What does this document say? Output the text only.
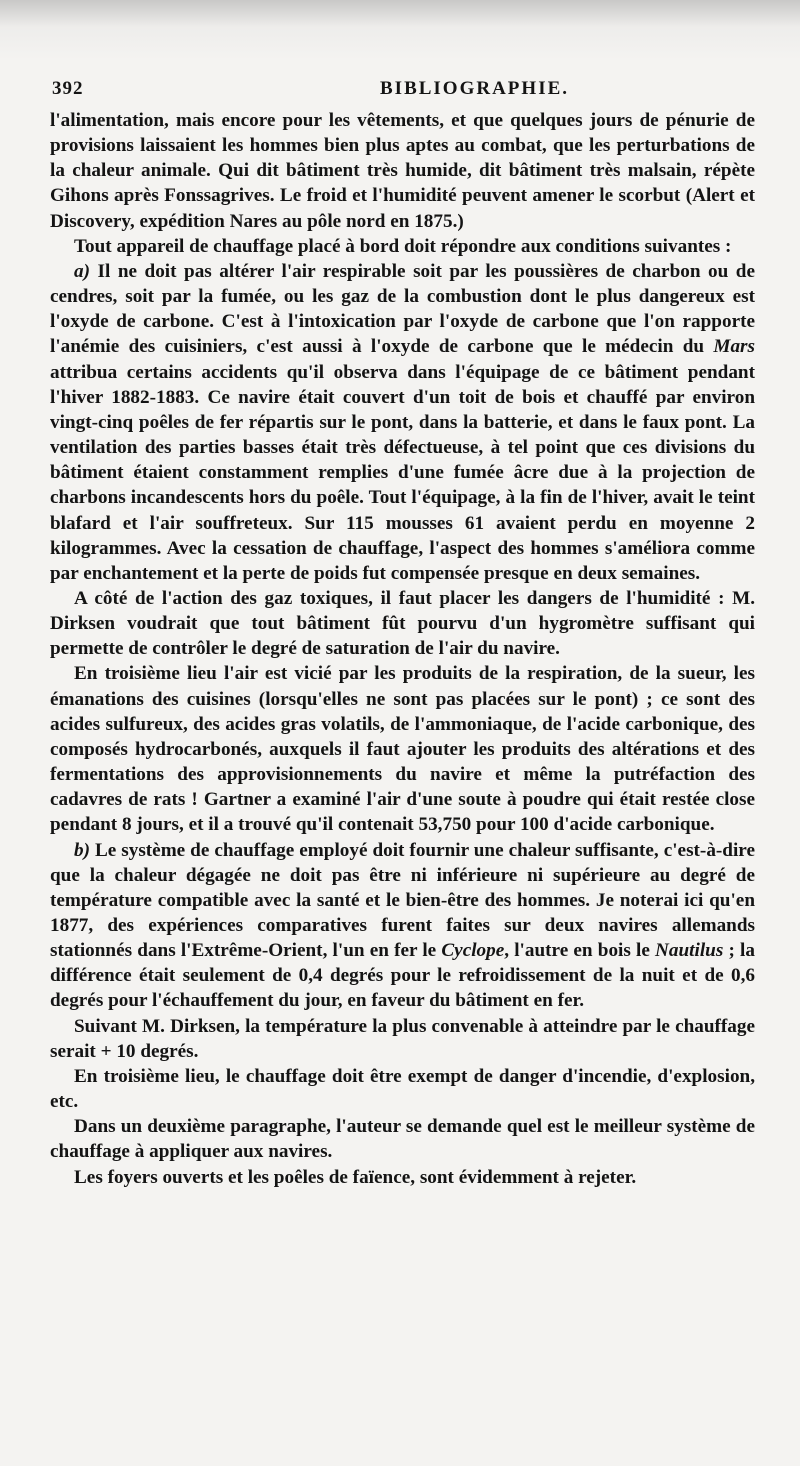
392	BIBLIOGRAPHIE.

l'alimentation, mais encore pour les vêtements, et que quelques jours de pénurie de provisions laissaient les hommes bien plus aptes au combat, que les perturbations de la chaleur animale. Qui dit bâtiment très humide, dit bâtiment très malsain, répète Gihons après Fonssagrives. Le froid et l'humidité peuvent amener le scorbut (Alert et Discovery, expédition Nares au pôle nord en 1875.)

Tout appareil de chauffage placé à bord doit répondre aux conditions suivantes :

a) Il ne doit pas altérer l'air respirable soit par les poussières de charbon ou de cendres, soit par la fumée, ou les gaz de la combustion dont le plus dangereux est l'oxyde de carbone. C'est à l'intoxication par l'oxyde de carbone que l'on rapporte l'anémie des cuisiniers, c'est aussi à l'oxyde de carbone que le médecin du Mars attribua certains accidents qu'il observa dans l'équipage de ce bâtiment pendant l'hiver 1882-1883. Ce navire était couvert d'un toit de bois et chauffé par environ vingt-cinq poêles de fer répartis sur le pont, dans la batterie, et dans le faux pont. La ventilation des parties basses était très défectueuse, à tel point que ces divisions du bâtiment étaient constamment remplies d'une fumée âcre due à la projection de charbons incandescents hors du poêle. Tout l'équipage, à la fin de l'hiver, avait le teint blafard et l'air souffreteux. Sur 115 mousses 61 avaient perdu en moyenne 2 kilogrammes. Avec la cessation de chauffage, l'aspect des hommes s'améliora comme par enchantement et la perte de poids fut compensée presque en deux semaines.

A côté de l'action des gaz toxiques, il faut placer les dangers de l'humidité : M. Dirksen voudrait que tout bâtiment fût pourvu d'un hygromètre suffisant qui permette de contrôler le degré de saturation de l'air du navire.

En troisième lieu l'air est vicié par les produits de la respiration, de la sueur, les émanations des cuisines (lorsqu'elles ne sont pas placées sur le pont) ; ce sont des acides sulfureux, des acides gras volatils, de l'ammoniaque, de l'acide carbonique, des composés hydrocarbonés, auxquels il faut ajouter les produits des altérations et des fermentations des approvisionnements du navire et même la putréfaction des cadavres de rats ! Gartner a examiné l'air d'une soute à poudre qui était restée close pendant 8 jours, et il a trouvé qu'il contenait 53,750 pour 100 d'acide carbonique.

b) Le système de chauffage employé doit fournir une chaleur suffisante, c'est-à-dire que la chaleur dégagée ne doit pas être ni inférieure ni supérieure au degré de température compatible avec la santé et le bien-être des hommes. Je noterai ici qu'en 1877, des expériences comparatives furent faites sur deux navires allemands stationnés dans l'Extrême-Orient, l'un en fer le Cyclope, l'autre en bois le Nautilus ; la différence était seulement de 0,4 degrés pour le refroidissement de la nuit et de 0,6 degrés pour l'échauffement du jour, en faveur du bâtiment en fer.

Suivant M. Dirksen, la température la plus convenable à atteindre par le chauffage serait + 10 degrés.

En troisième lieu, le chauffage doit être exempt de danger d'incendie, d'explosion, etc.

Dans un deuxième paragraphe, l'auteur se demande quel est le meilleur système de chauffage à appliquer aux navires.

Les foyers ouverts et les poêles de faïence, sont évidemment à rejeter.
